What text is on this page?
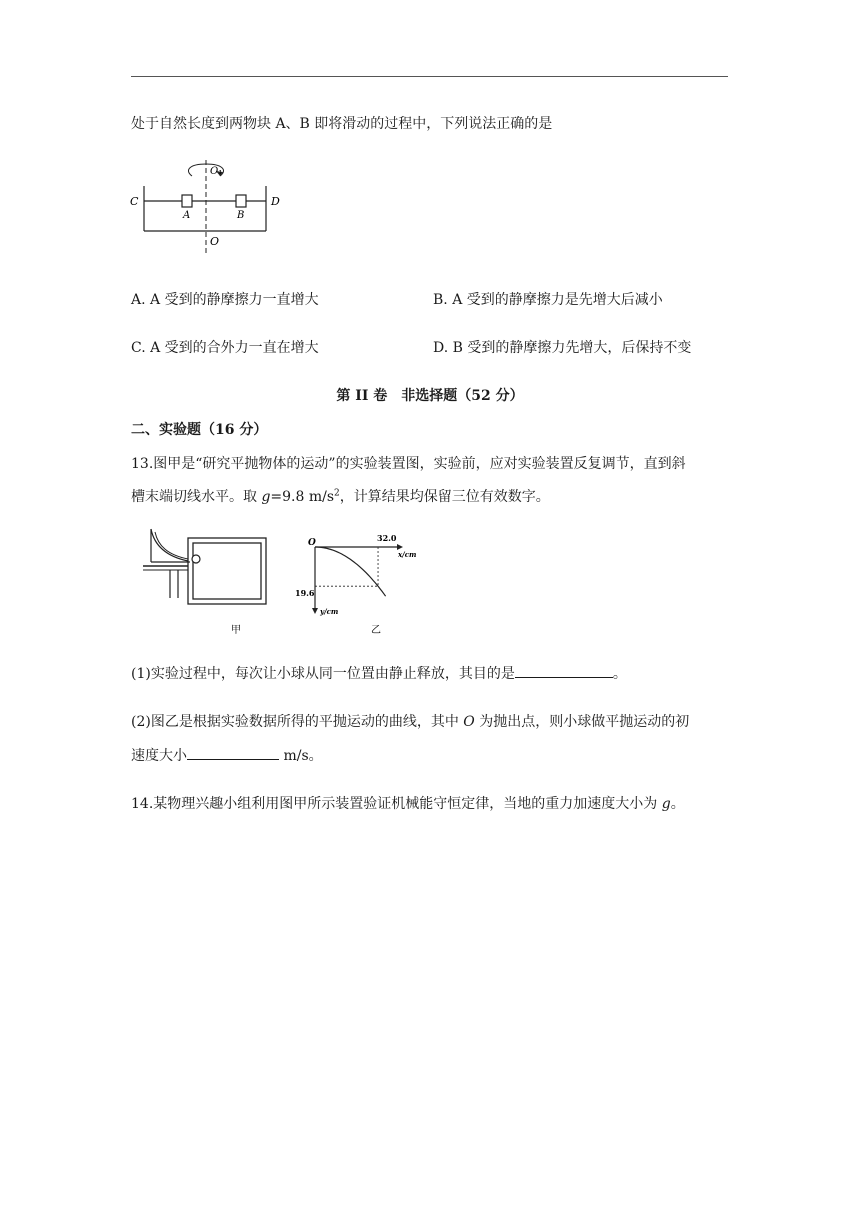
处于自然长度到两物块 A、B 即将滑动的过程中，下列说法正确的是
C	D
A	B
O
O₁
A. A 受到的静摩擦力一直增大	B. A 受到的静摩擦力是先增大后减小
C. A 受到的合外力一直在增大	D. B 受到的静摩擦力先增大，后保持不变
第 II 卷　非选择题（52 分）
二、实验题（16 分）
13.图甲是“研究平抛物体的运动”的实验装置图，实验前，应对实验装置反复调节，直到斜
槽末端切线水平。取 g=9.8 $m/s^2$，计算结果均保留三位有效数字。
甲
O	32.0
x/cm
19.6
y/cm
乙
(1)实验过程中，每次让小球从同一位置由静止释放，其目的是	。
(2)图乙是根据实验数据所得的平抛运动的曲线，其中 O 为抛出点，则小球做平抛运动的初
速度大小	m/s。
14.某物理兴趣小组利用图甲所示装置验证机械能守恒定律，当地的重力加速度大小为 g。
